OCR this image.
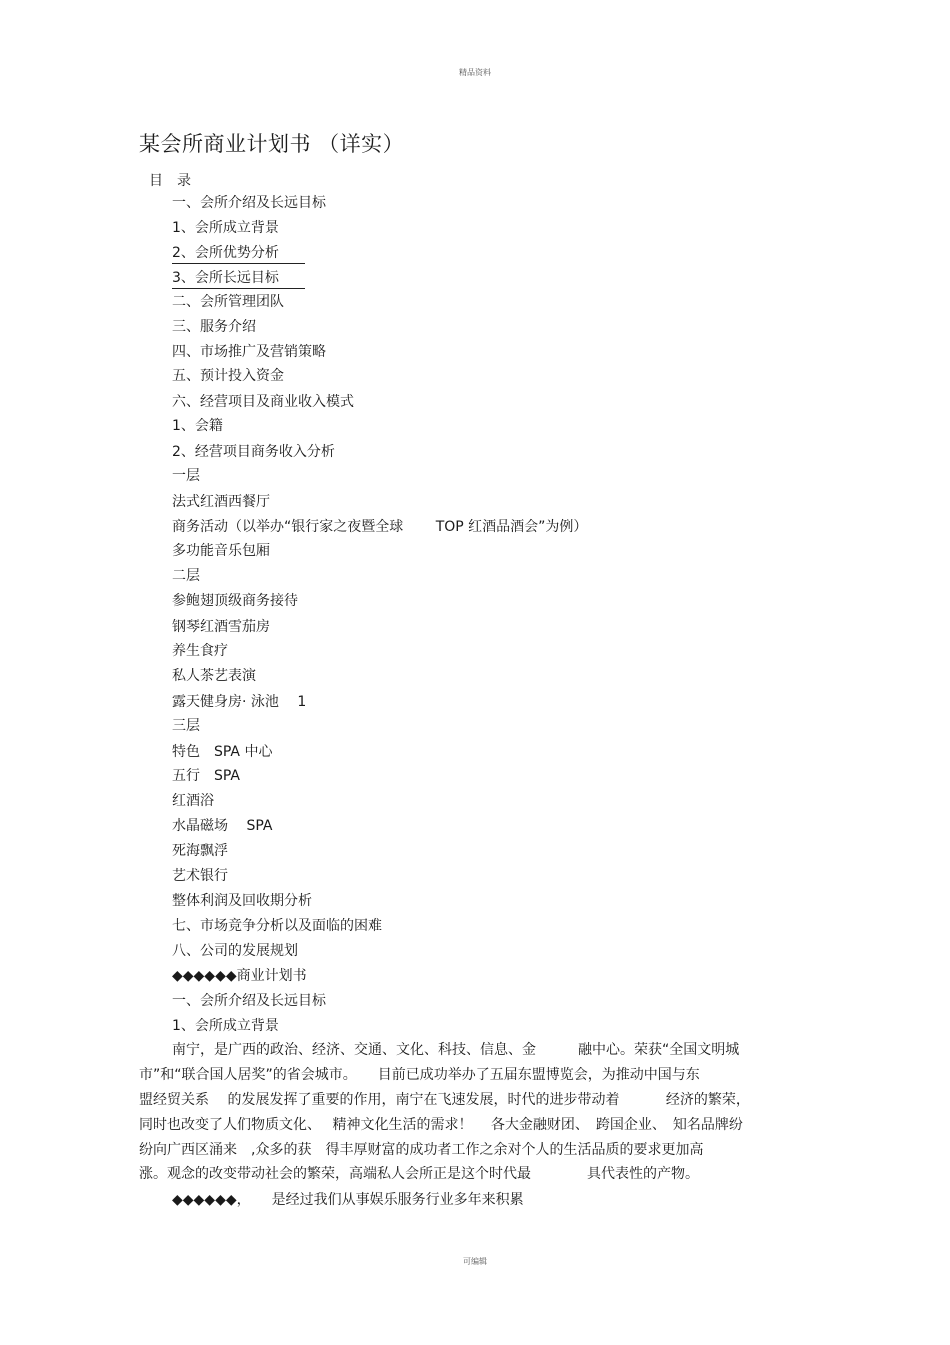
精品资料
某会所商业计划书 （详实）
目　录
一、会所介绍及长远目标
1、会所成立背景
2、会所优势分析
3、会所长远目标
二、会所管理团队
三、服务介绍
四、市场推广及营销策略
五、预计投入资金
六、经营项目及商业收入模式
1、会籍
2、经营项目商务收入分析
一层
法式红酒西餐厅
商务活动（以举办“银行家之夜暨全球　　 TOP 红酒品酒会”为例）
多功能音乐包厢
二层
参鲍翅顶级商务接待
钢琴红酒雪茄房
养生食疗
私人茶艺表演
露天健身房· 泳池　 1
三层
特色　SPA 中心
五行　SPA
红酒浴
水晶磁场　 SPA
死海飘浮
艺术银行
整体利润及回收期分析
七、市场竞争分析以及面临的困难
八、公司的发展规划
◆◆◆◆◆◆商业计划书
一、会所介绍及长远目标
1、会所成立背景
南宁，是广西的政治、经济、交通、文化、科技、信息、金　　　融中心。荣获“全国文明城
市”和“联合国人居奖”的省会城市。　　目前已成功举办了五届东盟博览会，为推动中国与东
盟经贸关系　 的发展发挥了重要的作用，南宁在飞速发展，时代的进步带动着　　　 经济的繁荣，
同时也改变了人们物质文化、　 精神文化生活的需求！　 各大金融财团、　跨国企业、　知名品牌纷
纷向广西区涌来　,众多的获　得丰厚财富的成功者工作之余对个人的生活品质的要求更加高
涨。观念的改变带动社会的繁荣，高端私人会所正是这个时代最　　　　具代表性的产物。
◆◆◆◆◆◆，　　是经过我们从事娱乐服务行业多年来积累
可编辑
